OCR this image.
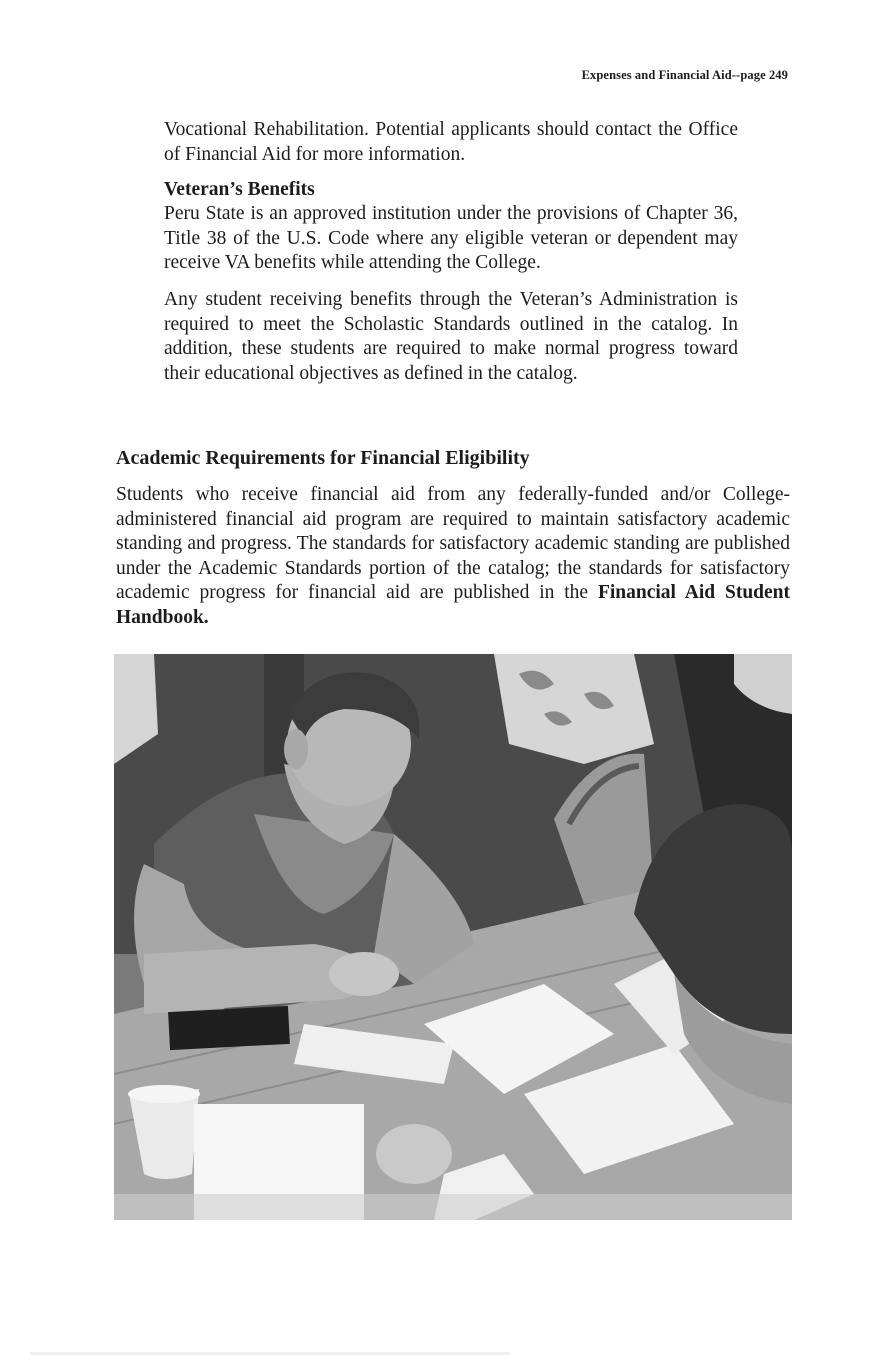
Expenses and Financial Aid--page 249

Vocational Rehabilitation. Potential applicants should contact the Office of Financial Aid for more information.

Veteran’s Benefits

Peru State is an approved institution under the provisions of Chapter 36, Title 38 of the U.S. Code where any eligible veteran or dependent may receive VA benefits while attending the College.

Any student receiving benefits through the Veteran’s Administration is required to meet the Scholastic Standards outlined in the catalog. In addition, these students are required to make normal progress toward their educational objectives as defined in the catalog.

Academic Requirements for Financial Eligibility

Students who receive financial aid from any federally-funded and/or College-administered financial aid program are required to maintain satisfactory academic standing and progress. The standards for satisfactory academic standing are published under the Academic Standards portion of the catalog; the standards for satisfactory academic progress for financial aid are published in the Financial Aid Student Handbook.
